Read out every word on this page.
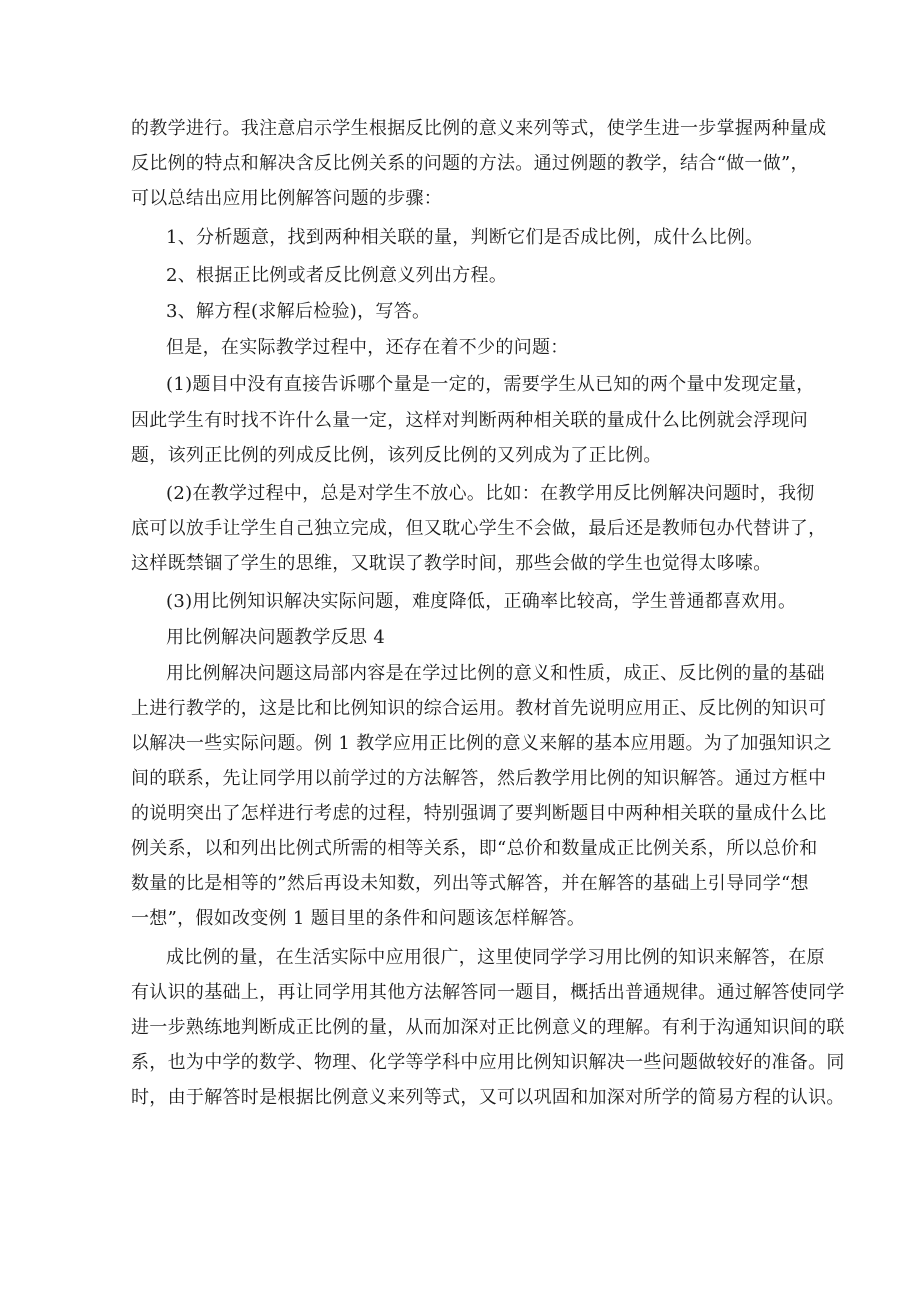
的教学进行。我注意启示学生根据反比例的意义来列等式，使学生进一步掌握两种量成
反比例的特点和解决含反比例关系的问题的方法。通过例题的教学，结合“做一做”，
可以总结出应用比例解答问题的步骤：
1、分析题意，找到两种相关联的量，判断它们是否成比例，成什么比例。
2、根据正比例或者反比例意义列出方程。
3、解方程(求解后检验)，写答。
但是，在实际教学过程中，还存在着不少的问题：
(1)题目中没有直接告诉哪个量是一定的，需要学生从已知的两个量中发现定量，
因此学生有时找不许什么量一定，这样对判断两种相关联的量成什么比例就会浮现问
题，该列正比例的列成反比例，该列反比例的又列成为了正比例。
(2)在教学过程中，总是对学生不放心。比如：在教学用反比例解决问题时，我彻
底可以放手让学生自己独立完成，但又耽心学生不会做，最后还是教师包办代替讲了，
这样既禁锢了学生的思维，又耽误了教学时间，那些会做的学生也觉得太哆嗦。
(3)用比例知识解决实际问题，难度降低，正确率比较高，学生普通都喜欢用。
用比例解决问题教学反思 4
用比例解决问题这局部内容是在学过比例的意义和性质，成正、反比例的量的基础
上进行教学的，这是比和比例知识的综合运用。教材首先说明应用正、反比例的知识可
以解决一些实际问题。例 1 教学应用正比例的意义来解的基本应用题。为了加强知识之
间的联系，先让同学用以前学过的方法解答，然后教学用比例的知识解答。通过方框中
的说明突出了怎样进行考虑的过程，特别强调了要判断题目中两种相关联的量成什么比
例关系，以和列出比例式所需的相等关系，即“总价和数量成正比例关系，所以总价和
数量的比是相等的”然后再设未知数，列出等式解答，并在解答的基础上引导同学“想
一想”，假如改变例 1 题目里的条件和问题该怎样解答。
成比例的量，在生活实际中应用很广，这里使同学学习用比例的知识来解答，在原
有认识的基础上，再让同学用其他方法解答同一题目，概括出普通规律。通过解答使同学
进一步熟练地判断成正比例的量，从而加深对正比例意义的理解。有利于沟通知识间的联
系，也为中学的数学、物理、化学等学科中应用比例知识解决一些问题做较好的准备。同
时，由于解答时是根据比例意义来列等式，又可以巩固和加深对所学的简易方程的认识。
